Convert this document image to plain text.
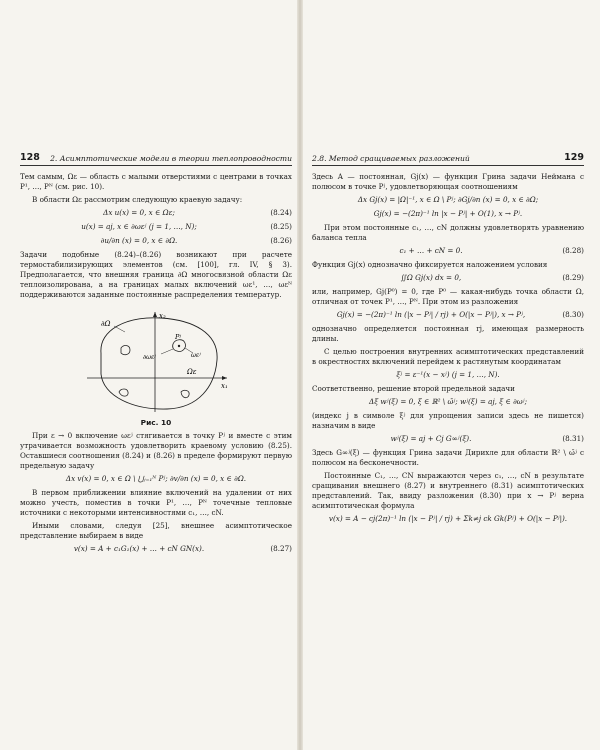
128 2. Асимптотические модели в теории теплопроводности

Тем самым, Ωε — область с малыми отверстиями с центрами в точках P¹, …, Pᴺ (см. рис. 10).

В области Ωε рассмотрим следующую краевую задачу:

Δx u(x) = 0, x ∈ Ωε;	(8.24)
u(x) = aj, x ∈ ∂ωεʲ (j = 1, …, N);	(8.25)
∂u/∂n (x) = 0, x ∈ ∂Ω.	(8.26)

Задачи подобные (8.24)–(8.26) возникают при расчете термостабилизирующих элементов (см. [100], гл. IV, § 3). Предполагается, что внешняя граница ∂Ω многосвязной области Ωε теплоизолирована, а на границах малых включений ωε¹, …, ωεᴺ поддерживаются заданные постоянные распределения температур.

x₂
x₁
∂Ω
Pʲ
∂ωεʲ	ωεʲ
Ωε
Рис. 10

При ε → 0 включение ωεʲ стягивается в точку Pʲ и вместе с этим утрачивается возможность удовлетворить краевому условию (8.25). Оставшиеся соотношения (8.24) и (8.26) в пределе формируют первую предельную задачу

Δx v(x) = 0, x ∈ Ω \ ⋃ⱼ₌₁ᴺ Pʲ; ∂v/∂n (x) = 0, x ∈ ∂Ω.

В первом приближении влияние включений на удалении от них можно учесть, поместив в точки P¹, …, Pᴺ точечные тепловые источники с некоторыми интенсивностями c₁, …, cN.

Иными словами, следуя [25], внешнее асимптотическое представление выбираем в виде

v(x) = A + c₁G₁(x) + … + cN GN(x).	(8.27)
2.8. Метод сращиваемых разложений	129

Здесь A — постоянная, Gj(x) — функция Грина задачи Неймана с полюсом в точке Pʲ, удовлетворяющая соотношениям

Δx Gj(x) = |Ω|⁻¹, x ∈ Ω \ Pʲ; ∂Gj/∂n (x) = 0, x ∈ ∂Ω;
Gj(x) = −(2π)⁻¹ ln |x − Pʲ| + O(1), x → Pʲ.

При этом постоянные c₁, …, cN должны удовлетворять уравнению баланса тепла

c₁ + … + cN = 0.	(8.28)

Функция Gj(x) однозначно фиксируется наложением условия

∬Ω Gj(x) dx = 0,	(8.29)

или, например, Gj(P⁰) = 0, где P⁰ — какая-нибудь точка области Ω, отличная от точек P¹, …, Pᴺ. При этом из разложения

Gj(x) = −(2π)⁻¹ ln (|x − Pʲ| / rj) + O(|x − Pʲ|), x → Pʲ,	(8.30)

однозначно определяется постоянная rj, имеющая размерность длины.

С целью построения внутренних асимптотических представлений в окрестностях включений перейдем к растянутым координатам

ξʲ = ε⁻¹(x − xʲ) (j = 1, …, N).

Соответственно, решение второй предельной задачи

Δξ wʲ(ξ) = 0, ξ ∈ ℝ² \ ω̄ʲ; wʲ(ξ) = aj, ξ ∈ ∂ωʲ;

(индекс j в символе ξʲ для упрощения записи здесь не пишется) назначим в виде

wʲ(ξ) = aj + Cj G∞ʲ(ξ).	(8.31)

Здесь G∞ʲ(ξ) — функция Грина задачи Дирихле для области ℝ² \ ω̄ʲ с полюсом на бесконечности.

Постоянные C₁, …, CN выражаются через c₁, …, cN в результате сращивания внешнего (8.27) и внутреннего (8.31) асимптотических представлений. Так, ввиду разложения (8.30) при x → Pʲ верна асимптотическая формула

v(x) = A − cj(2π)⁻¹ ln (|x − Pʲ| / rj) + Σk≠j ck Gk(Pʲ) + O(|x − Pʲ|).
